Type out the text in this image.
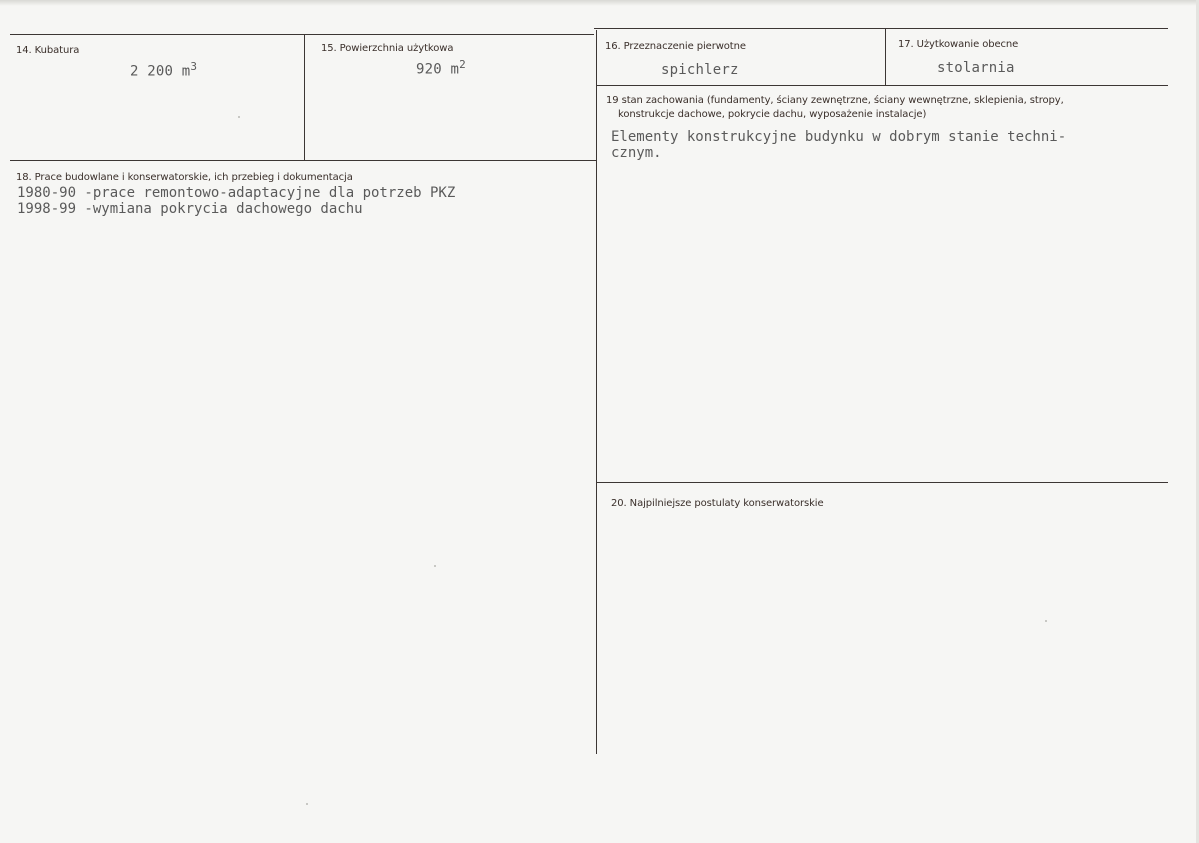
14. Kubatura
2 200 $m^3$
15. Powierzchnia użytkowa
920 $m^2$
16. Przeznaczenie pierwotne
spichlerz
17. Użytkowanie obecne
stolarnia
19 stan zachowania (fundamenty, ściany zewnętrzne, ściany wewnętrzne, sklepienia, stropy,
konstrukcje dachowe, pokrycie dachu, wyposażenie instalacje)
Elementy konstrukcyjne budynku w dobrym stanie techni-
cznym.
18. Prace budowlane i konserwatorskie, ich przebieg i dokumentacja
1980-90 -prace remontowo-adaptacyjne dla potrzeb PKZ
1998-99 -wymiana pokrycia dachowego dachu
20. Najpilniejsze postulaty konserwatorskie
